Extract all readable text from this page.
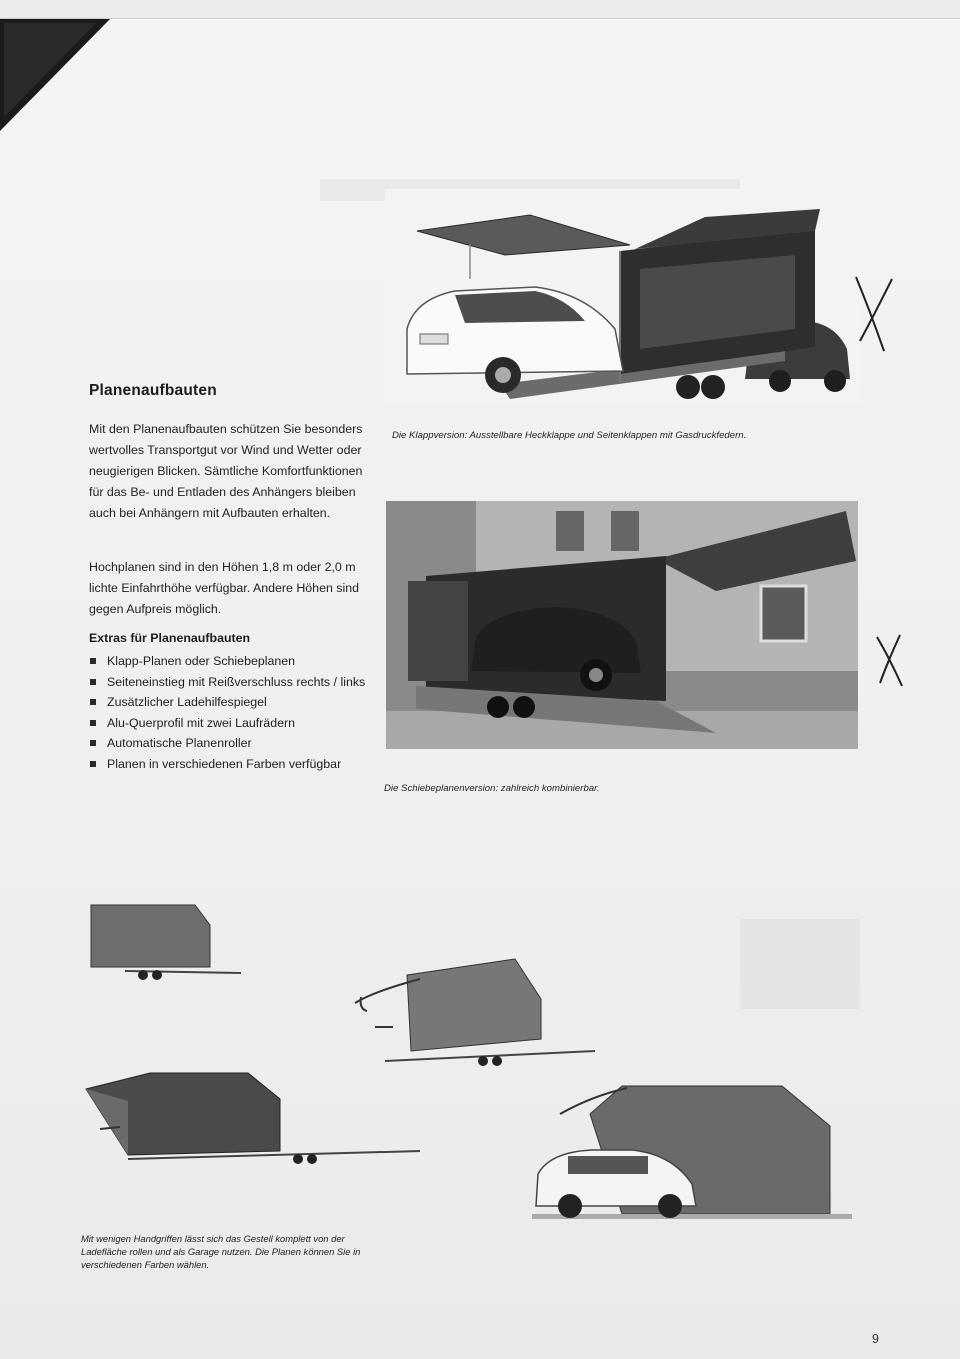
Planenaufbauten

Mit den Planenaufbauten schützen Sie besonders wertvolles Transportgut vor Wind und Wetter oder neugierigen Blicken. Sämtliche Komfortfunktionen für das Be- und Entladen des Anhängers bleiben auch bei Anhängern mit Aufbauten erhalten.

Hochplanen sind in den Höhen 1,8 m oder 2,0 m lichte Einfahrthöhe verfügbar. Andere Höhen sind gegen Aufpreis möglich.

Extras für Planenaufbauten

Klapp-Planen oder Schiebeplanen
Seiteneinstieg mit Reißverschluss rechts / links
Zusätzlicher Ladehilfespiegel
Alu-Querprofil mit zwei Laufrädern
Automatische Planenroller
Planen in verschiedenen Farben verfügbar

Die Klappversion: Ausstellbare Heckklappe und Seitenklappen mit Gasdruckfedern.

Die Schiebeplanenversion: zahlreich kombinierbar.

Mit wenigen Handgriffen lässt sich das Gestell komplett von der Ladefläche rollen und als Garage nutzen. Die Planen können Sie in verschiedenen Farben wählen.

9
